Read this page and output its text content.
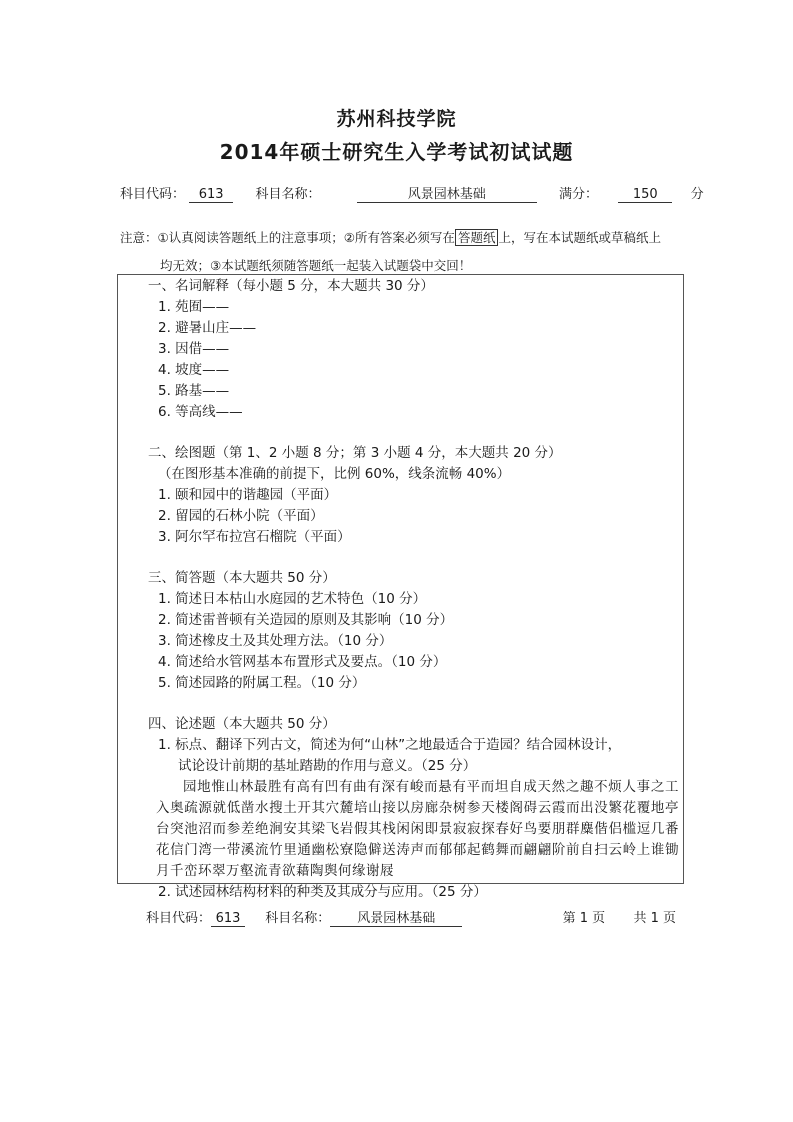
苏州科技学院
2014年硕士研究生入学考试初试试题
科目代码： 613 科目名称：	风景园林基础	满分：	150	分
注意：①认真阅读答题纸上的注意事项；②所有答案必须写在 答题纸 上，写在本试题纸或草稿纸上
均无效；③本试题纸须随答题纸一起装入试题袋中交回！
一、名词解释（每小题 5 分，本大题共 30 分）
1. 苑囿——
2. 避暑山庄——
3. 因借——
4. 坡度——
5. 路基——
6. 等高线——
二、绘图题（第 1、2 小题 8 分；第 3 小题 4 分，本大题共 20 分）
（在图形基本准确的前提下，比例 60%，线条流畅 40%）
1. 颐和园中的谐趣园（平面）
2. 留园的石林小院（平面）
3. 阿尔罕布拉宫石榴院（平面）
三、简答题（本大题共 50 分）
1. 简述日本枯山水庭园的艺术特色（10 分）
2. 简述雷普顿有关造园的原则及其影响（10 分）
3. 简述橡皮土及其处理方法。（10 分）
4. 简述给水管网基本布置形式及要点。（10 分）
5. 简述园路的附属工程。（10 分）
四、论述题（本大题共 50 分）
1. 标点、翻译下列古文，简述为何“山林”之地最适合于造园？结合园林设计，
试论设计前期的基址踏勘的作用与意义。（25 分）
园地惟山林最胜有高有凹有曲有深有峻而悬有平而坦自成天然之趣不烦人事之工入奥疏源就低凿水搜土开其穴麓培山接以房廊杂树参天楼阁碍云霞而出没繁花覆地亭台突池沼而参差绝涧安其梁飞岩假其栈闲闲即景寂寂探春好鸟要朋群麋偕侣槛逗几番花信门湾一带溪流竹里通幽松寮隐僻送涛声而郁郁起鹤舞而翩翩阶前自扫云岭上谁锄月千峦环翠万壑流青欲藉陶舆何缘谢屐
2. 试述园林结构材料的种类及其成分与应用。（25 分）
科目代码： 613 科目名称： 风景园林基础	第 1 页 共 1 页
